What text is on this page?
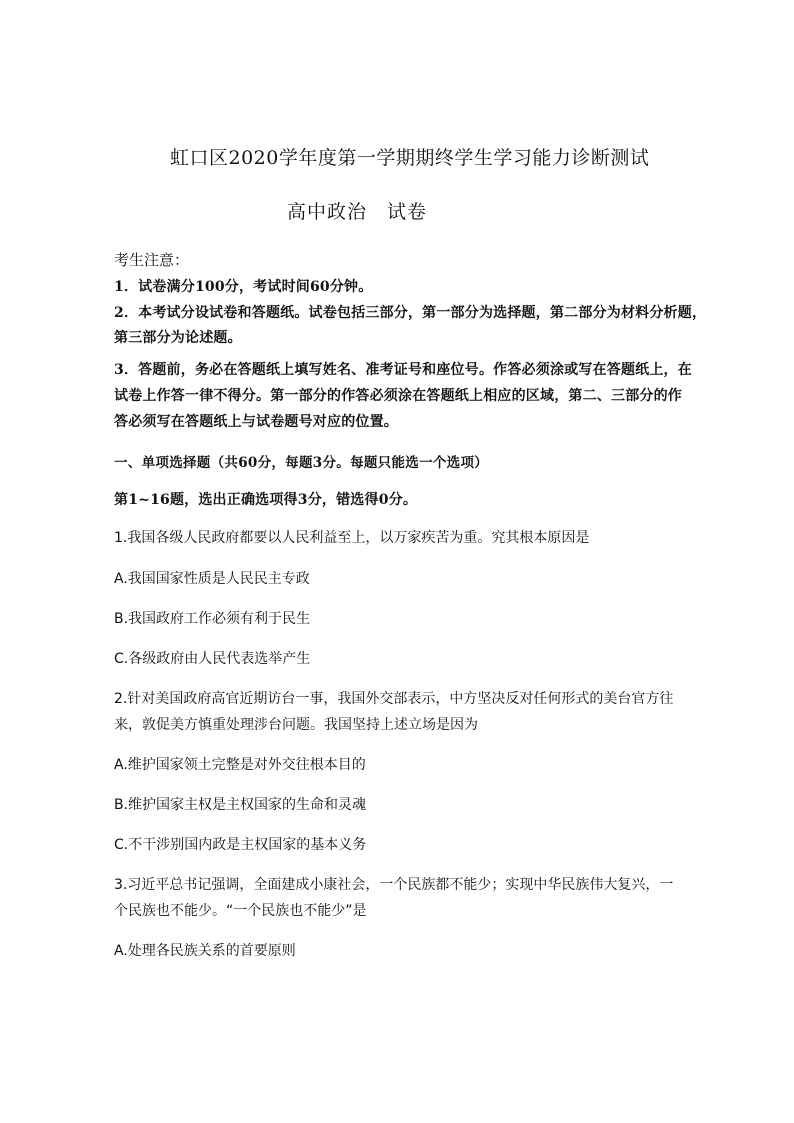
虹口区2020学年度第一学期期终学生学习能力诊断测试

高中政治　试卷

考生注意：

1．试卷满分100分，考试时间60分钟。

2．本考试分设试卷和答题纸。试卷包括三部分，第一部分为选择题，第二部分为材料分析题，

第三部分为论述题。

3．答题前，务必在答题纸上填写姓名、准考证号和座位号。作答必须涂或写在答题纸上，在

试卷上作答一律不得分。第一部分的作答必须涂在答题纸上相应的区域，第二、三部分的作

答必须写在答题纸上与试卷题号对应的位置。

一、单项选择题（共60分，每题3分。每题只能选一个选项）

第1~16题，选出正确选项得3分，错选得0分。

1.我国各级人民政府都要以人民利益至上，以万家疾苦为重。究其根本原因是

A.我国国家性质是人民民主专政

B.我国政府工作必须有利于民生

C.各级政府由人民代表选举产生

2.针对美国政府高官近期访台一事，我国外交部表示，中方坚决反对任何形式的美台官方往

来，敦促美方慎重处理涉台问题。我国坚持上述立场是因为

A.维护国家领土完整是对外交往根本目的

B.维护国家主权是主权国家的生命和灵魂

C.不干涉别国内政是主权国家的基本义务

3.习近平总书记强调，全面建成小康社会，一个民族都不能少；实现中华民族伟大复兴，一

个民族也不能少。“一个民族也不能少”是

A.处理各民族关系的首要原则
